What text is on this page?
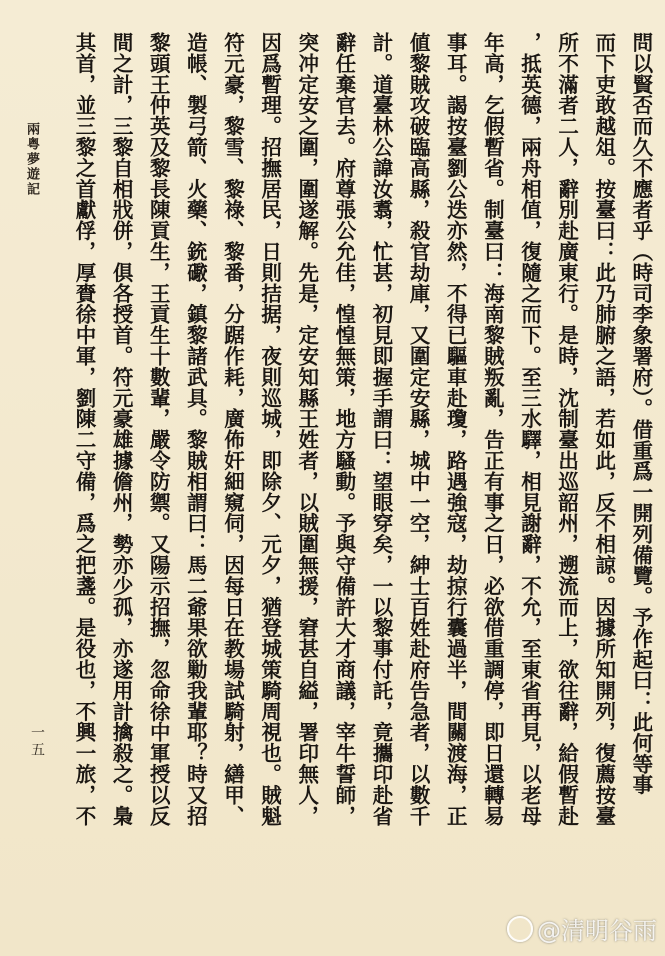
兩粤夢遊記
一五	問以賢否而久不應者乎（時司李象署府）。借重爲一開列備覽。予作起曰：此何等事
而下吏敢越俎。按臺曰：此乃肺腑之語，若如此，反不相諒。因據所知開列，復薦按臺
所不滿者二人，辭別赴廣東行。是時，沈制臺出巡韶州，遡流而上，欲往辭，給假暫赴
，抵英德，兩舟相值，復隨之而下。至三水驛，相見謝辭，不允，至東省再見，以老母
年高，乞假暫省。制臺曰：海南黎賊叛亂，告正有事之日，必欲借重調停，即日還轉易
事耳。謁按臺劉公迭亦然，不得已驅車赴瓊，路遇強寇，劫掠行囊過半，間關渡海，正
値黎賊攻破臨高縣，殺官劫庫，又圍定安縣，城中一空，紳士百姓赴府告急者，以數千
計。道臺林公諱汝翥，忙甚，初見即握手謂曰：望眼穿矣，一以黎事付託，竟攜印赴省
辭任棄官去。府尊張公允佳，惶惶無策，地方騷動。予與守備許大才商議，宰牛誓師，
突冲定安之圍，圍遂解。先是，定安知縣王姓者，以賊圍無援，窘甚自縊，署印無人，
因爲暫理。招撫居民，日則拮据，夜則巡城，即除夕、元夕，猶登城策騎周視也。賊魁
符元豪，黎雪、黎祿、黎番，分踞作耗，廣佈奸細窺伺，因每日在教場試騎射，繕甲、
造帳、製弓箭、火藥、銃礮，鎮黎諸武具。黎賊相謂曰：馬二爺果欲勦我輩耶？時又招
黎頭王仲英及黎長陳貢生，王貢生十數輩，嚴令防禦。又陽示招撫，忽命徐中軍授以反
間之計，三黎自相戕併，俱各授首。符元豪雄據儋州，勢亦少孤，亦遂用計擒殺之。梟
其首，並三黎之首獻俘，厚賚徐中軍，劉陳二守備，爲之把盞。是役也，不興一旅，不
@清明谷雨
